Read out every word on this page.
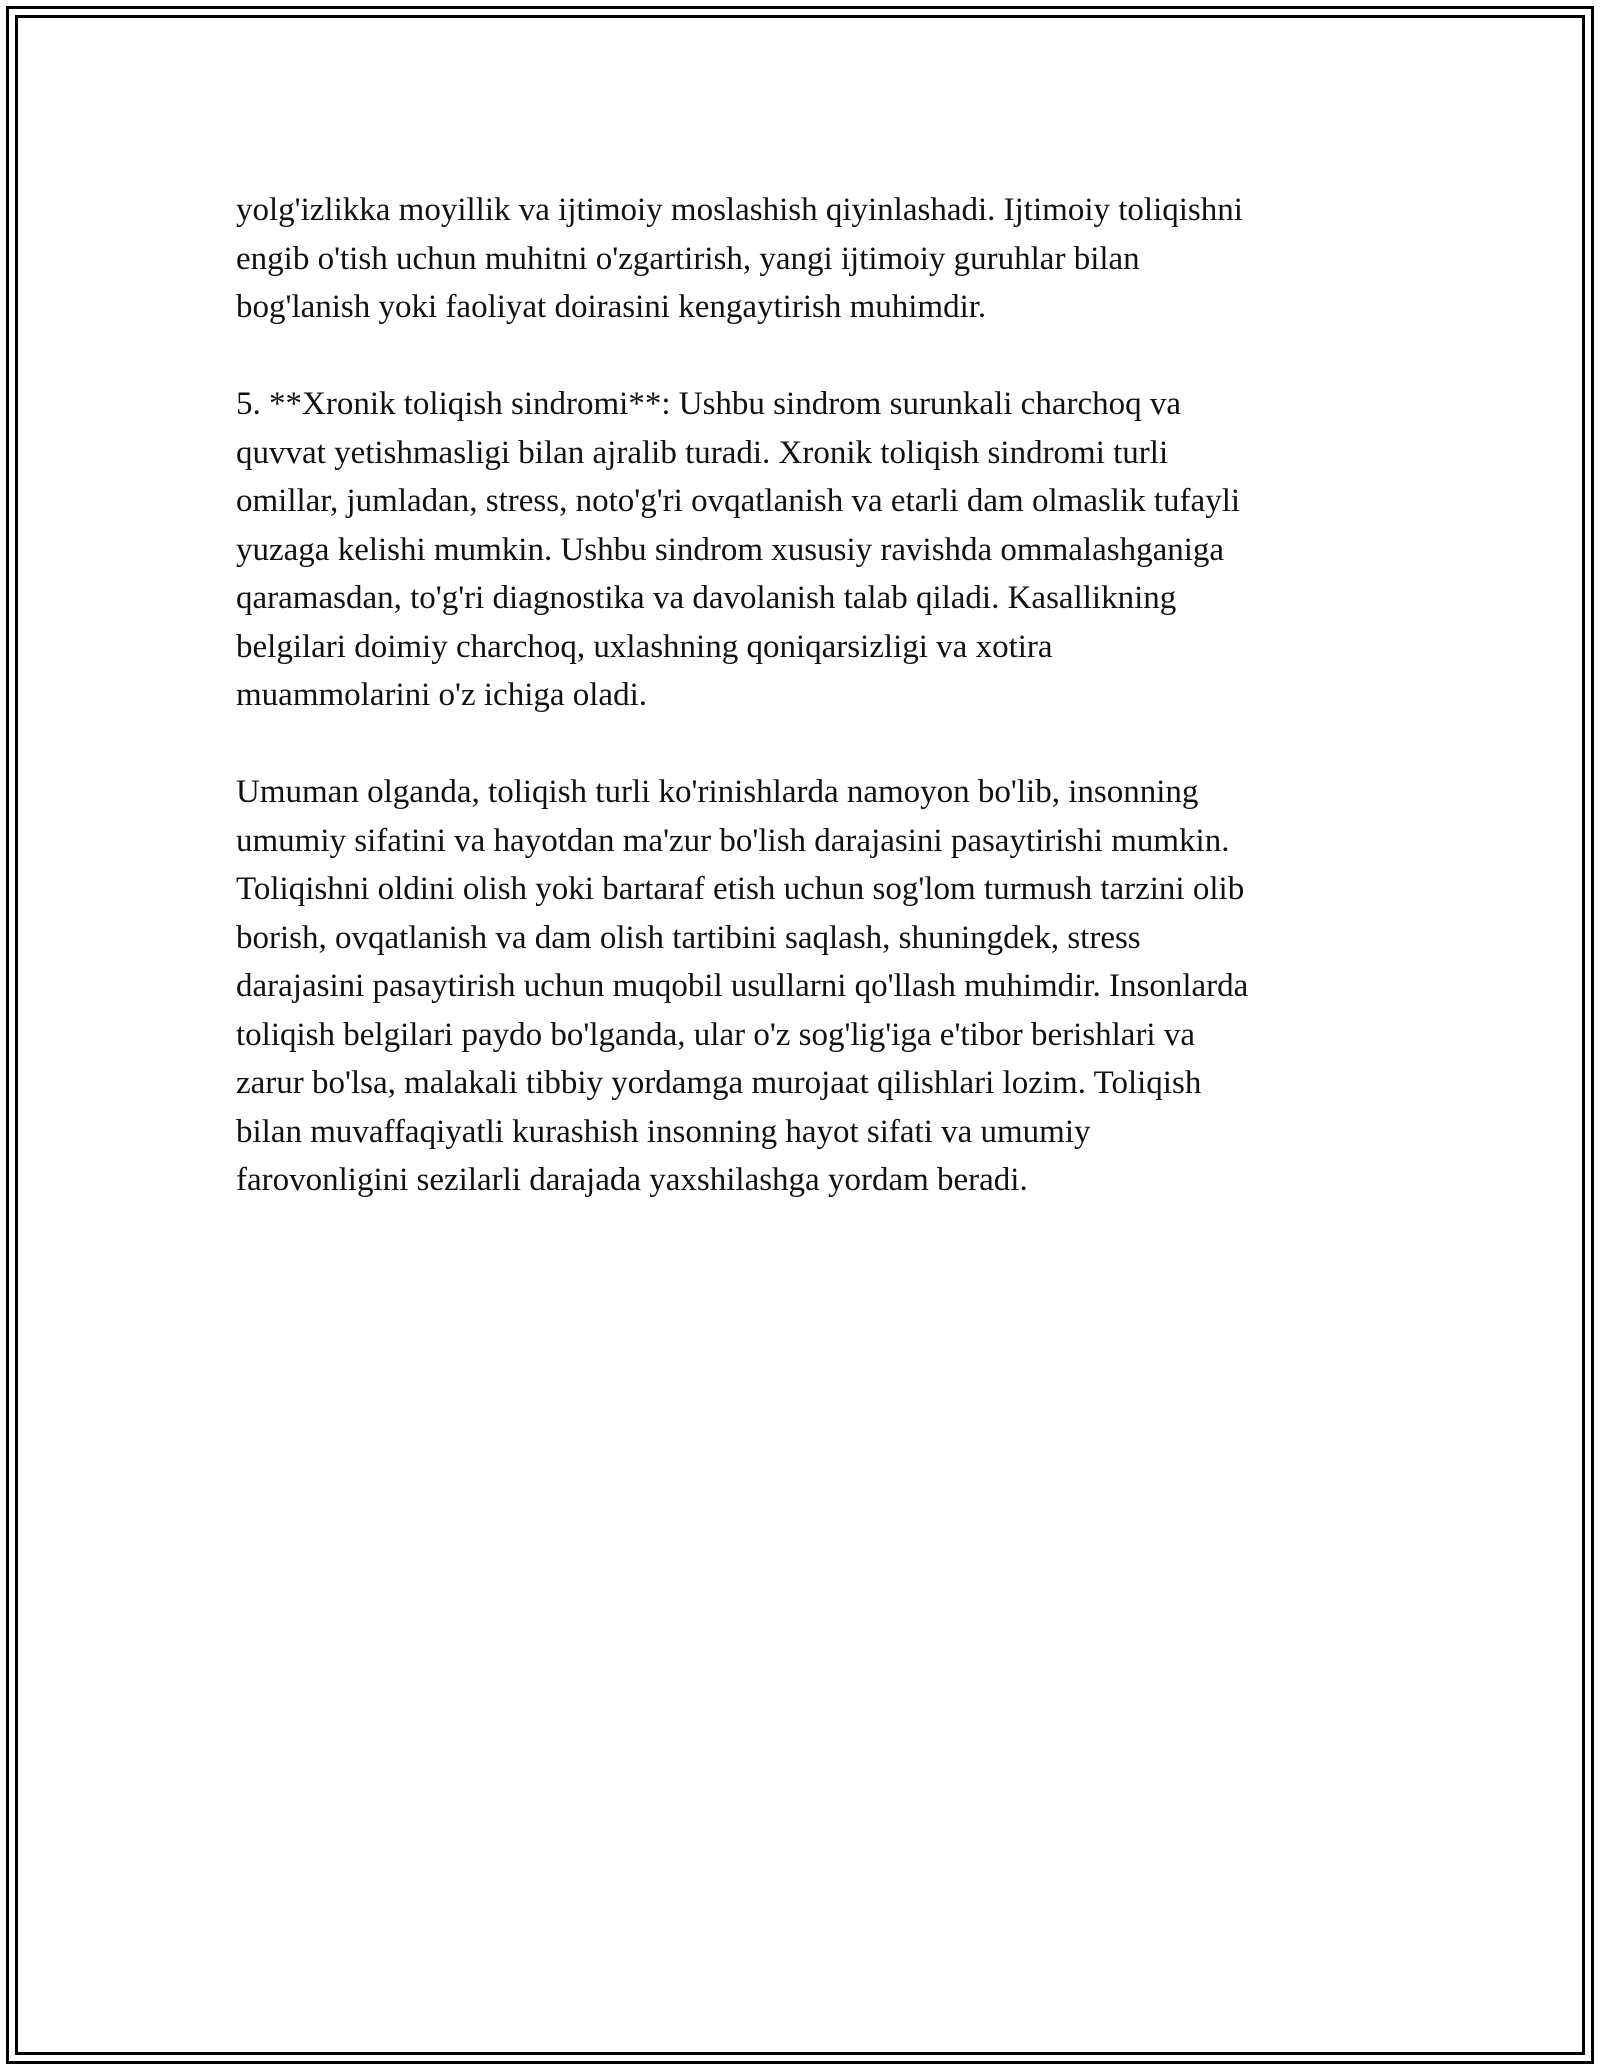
yolg'izlikka moyillik va ijtimoiy moslashish qiyinlashadi. Ijtimoiy toliqishni
engib o'tish uchun muhitni o'zgartirish, yangi ijtimoiy guruhlar bilan
bog'lanish yoki faoliyat doirasini kengaytirish muhimdir.
5. **Xronik toliqish sindromi**: Ushbu sindrom surunkali charchoq va
quvvat yetishmasligi bilan ajralib turadi. Xronik toliqish sindromi turli
omillar, jumladan, stress, noto'g'ri ovqatlanish va etarli dam olmaslik tufayli
yuzaga kelishi mumkin. Ushbu sindrom xususiy ravishda ommalashganiga
qaramasdan, to'g'ri diagnostika va davolanish talab qiladi. Kasallikning
belgilari doimiy charchoq, uxlashning qoniqarsizligi va xotira
muammolarini o'z ichiga oladi.
Umuman olganda, toliqish turli ko'rinishlarda namoyon bo'lib, insonning
umumiy sifatini va hayotdan ma'zur bo'lish darajasini pasaytirishi mumkin.
Toliqishni oldini olish yoki bartaraf etish uchun sog'lom turmush tarzini olib
borish, ovqatlanish va dam olish tartibini saqlash, shuningdek, stress
darajasini pasaytirish uchun muqobil usullarni qo'llash muhimdir. Insonlarda
toliqish belgilari paydo bo'lganda, ular o'z sog'lig'iga e'tibor berishlari va
zarur bo'lsa, malakali tibbiy yordamga murojaat qilishlari lozim. Toliqish
bilan muvaffaqiyatli kurashish insonning hayot sifati va umumiy
farovonligini sezilarli darajada yaxshilashga yordam beradi.
